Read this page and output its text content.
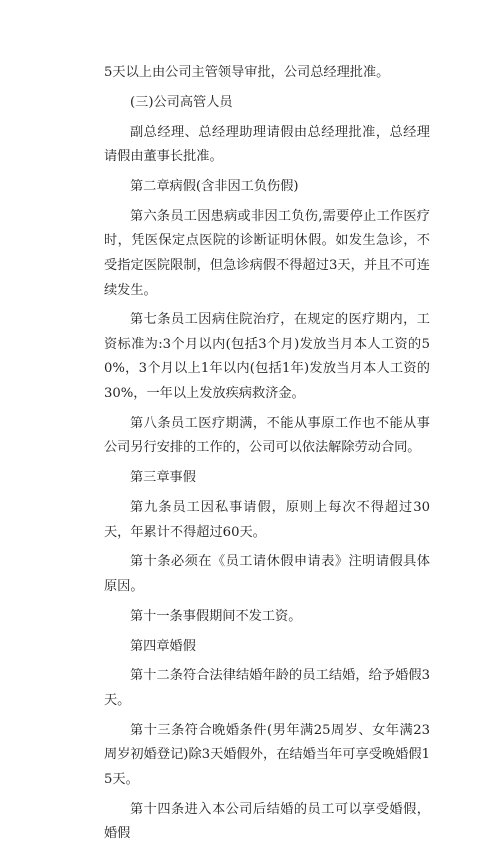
5天以上由公司主管领导审批，公司总经理批准。

(三)公司高管人员

副总经理、总经理助理请假由总经理批准，总经理请假由董事长批准。

第二章病假(含非因工负伤假)

第六条员工因患病或非因工负伤,需要停止工作医疗时，凭医保定点医院的诊断证明休假。如发生急诊，不受指定医院限制，但急诊病假不得超过3天，并且不可连续发生。

第七条员工因病住院治疗，在规定的医疗期内，工资标准为:3个月以内(包括3个月)发放当月本人工资的50%，3个月以上1年以内(包括1年)发放当月本人工资的30%，一年以上发放疾病救济金。

第八条员工医疗期满，不能从事原工作也不能从事公司另行安排的工作的，公司可以依法解除劳动合同。

第三章事假

第九条员工因私事请假，原则上每次不得超过30天，年累计不得超过60天。

第十条必须在《员工请休假申请表》注明请假具体原因。

第十一条事假期间不发工资。

第四章婚假

第十二条符合法律结婚年龄的员工结婚，给予婚假3天。

第十三条符合晚婚条件(男年满25周岁、女年满23周岁初婚登记)除3天婚假外，在结婚当年可享受晚婚假15天。

第十四条进入本公司后结婚的员工可以享受婚假，婚假
